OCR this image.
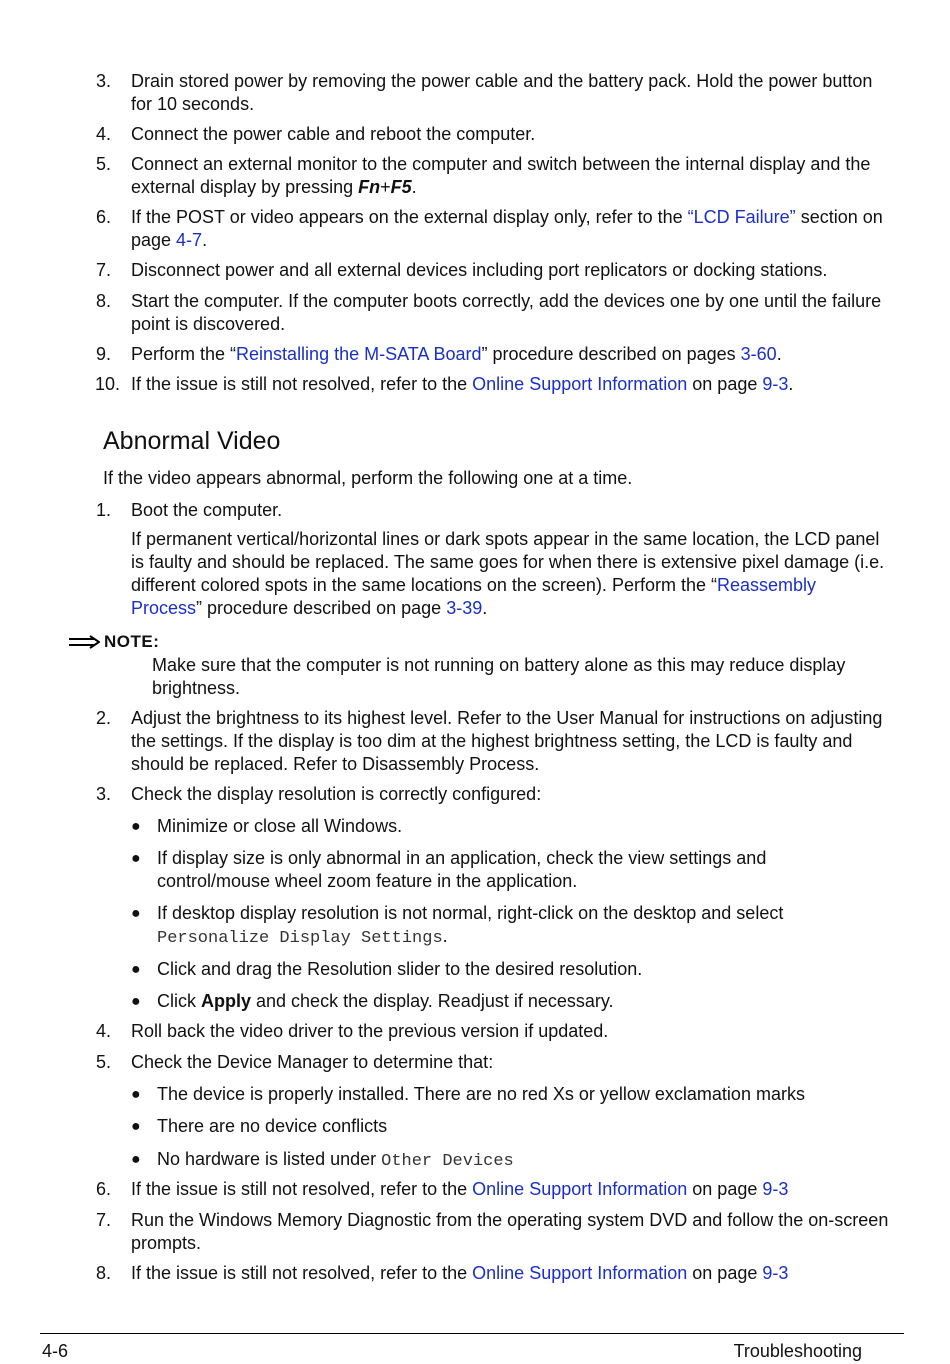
3.	Drain stored power by removing the power cable and the battery pack. Hold the power button for 10 seconds.
4.	Connect the power cable and reboot the computer.
5.	Connect an external monitor to the computer and switch between the internal display and the external display by pressing Fn+F5.
6.	If the POST or video appears on the external display only, refer to the “LCD Failure” section on page 4-7.
7.	Disconnect power and all external devices including port replicators or docking stations.
8.	Start the computer. If the computer boots correctly, add the devices one by one until the failure point is discovered.
9.	Perform the “Reinstalling the M-SATA Board” procedure described on pages 3-60.
10. If the issue is still not resolved, refer to the Online Support Information on page 9-3.
Abnormal Video
If the video appears abnormal, perform the following one at a time.
1.	Boot the computer.
If permanent vertical/horizontal lines or dark spots appear in the same location, the LCD panel is faulty and should be replaced. The same goes for when there is extensive pixel damage (i.e. different colored spots in the same locations on the screen). Perform the “Reassembly Process” procedure described on page 3-39.
NOTE:
Make sure that the computer is not running on battery alone as this may reduce display brightness.
2.	Adjust the brightness to its highest level. Refer to the User Manual for instructions on adjusting the settings. If the display is too dim at the highest brightness setting, the LCD is faulty and should be replaced. Refer to Disassembly Process.
3.	Check the display resolution is correctly configured:
● Minimize or close all Windows.
● If display size is only abnormal in an application, check the view settings and control/mouse wheel zoom feature in the application.
● If desktop display resolution is not normal, right-click on the desktop and select
Personalize Display Settings.
● Click and drag the Resolution slider to the desired resolution.
● Click Apply and check the display. Readjust if necessary.
4.	Roll back the video driver to the previous version if updated.
5.	Check the Device Manager to determine that:
● The device is properly installed. There are no red Xs or yellow exclamation marks
● There are no device conflicts
● No hardware is listed under Other Devices
6.	If the issue is still not resolved, refer to the Online Support Information on page 9-3
7.	Run the Windows Memory Diagnostic from the operating system DVD and follow the on-screen prompts.
8.	If the issue is still not resolved, refer to the Online Support Information on page 9-3
4-6	Troubleshooting
